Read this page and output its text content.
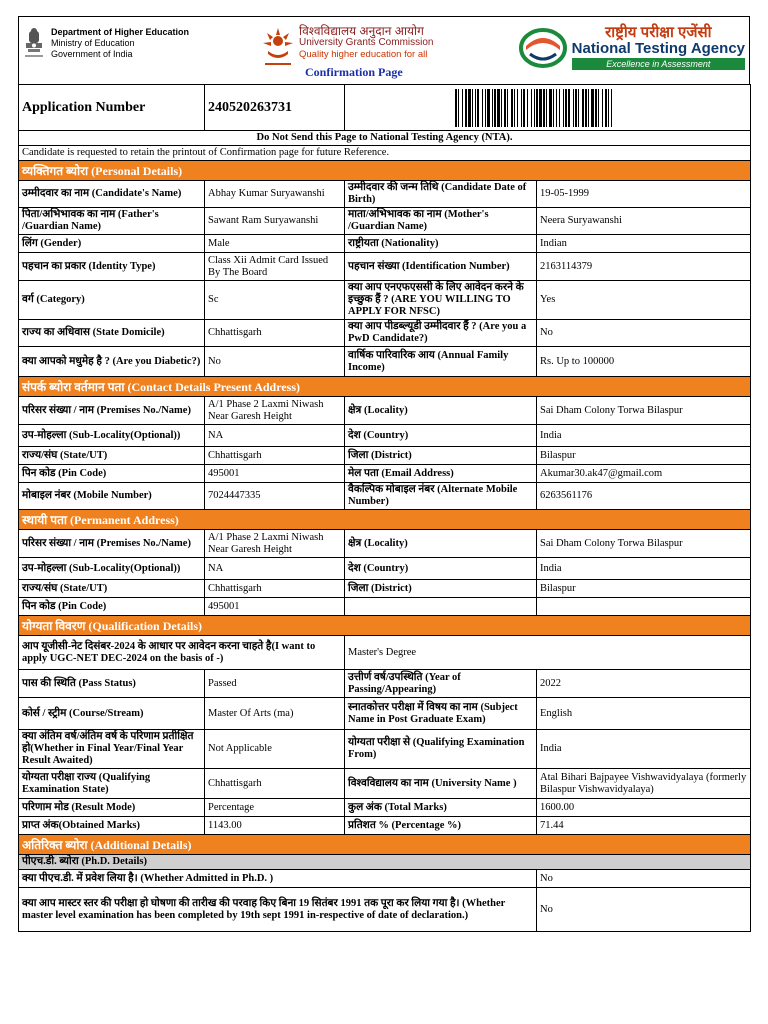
Department of Higher Education
Ministry of Education
Government of India
विश्वविद्यालय अनुदान आयोग
University Grants Commission
Quality higher education for all
Confirmation Page
राष्ट्रीय परीक्षा एजेंसी
National Testing Agency
Excellence in Assessment
Application Number	240520263731		

Do Not Send this Page to National Testing Agency (NTA).			
Candidate is requested to retain the printout of Confirmation page for future Reference.			
व्यक्तिगत ब्योरा (Personal Details)			
उम्मीदवार का नाम (Candidate's Name)	Abhay Kumar Suryawanshi	उम्मीदवार की जन्म तिथि (Candidate Date of Birth)	19-05-1999
पिता/अभिभावक का नाम (Father's /Guardian Name)	Sawant Ram Suryawanshi	माता/अभिभावक का नाम (Mother's /Guardian Name)	Neera Suryawanshi
लिंग (Gender)	Male	राष्ट्रीयता (Nationality)	Indian
पहचान का प्रकार (Identity Type)	Class Xii Admit Card Issued By The Board	पहचान संख्या (Identification Number)	2163114379
वर्ग (Category)	Sc	क्या आप एनएफएससी के लिए आवेदन करने के इच्छुक हैं ? (ARE YOU WILLING TO APPLY FOR NFSC)	Yes
राज्य का अधिवास (State Domicile)	Chhattisgarh	क्या आप पीडब्ल्यूडी उम्मीदवार हैं ? (Are you a PwD Candidate?)	No
क्या आपको मधुमेह है ? (Are you Diabetic?)	No	वार्षिक पारिवारिक आय (Annual Family Income)	Rs. Up to 100000
संपर्क ब्योरा वर्तमान पता (Contact Details Present Address)			
परिसर संख्या / नाम (Premises No./Name)	A/1 Phase 2 Laxmi Niwash Near Garesh Height	क्षेत्र (Locality)	Sai Dham Colony Torwa Bilaspur
उप-मोहल्ला (Sub-Locality(Optional))	NA	देश (Country)	India
राज्य/संघ (State/UT)	Chhattisgarh	जिला (District)	Bilaspur
पिन कोड (Pin Code)	495001	मेल पता (Email Address)	Akumar30.ak47@gmail.com
मोबाइल नंबर (Mobile Number)	7024447335	वैकल्पिक मोबाइल नंबर (Alternate Mobile Number)	6263561176
स्थायी पता (Permanent Address)			
परिसर संख्या / नाम (Premises No./Name)	A/1 Phase 2 Laxmi Niwash Near Garesh Height	क्षेत्र (Locality)	Sai Dham Colony Torwa Bilaspur
उप-मोहल्ला (Sub-Locality(Optional))	NA	देश (Country)	India
राज्य/संघ (State/UT)	Chhattisgarh	जिला (District)	Bilaspur
पिन कोड (Pin Code)	495001		
योग्यता विवरण (Qualification Details)			
आप यूजीसी-नेट दिसंबर-2024 के आधार पर आवेदन करना चाहते है(I want to apply UGC-NET DEC-2024 on the basis of -)		Master's Degree	
पास की स्थिति (Pass Status)	Passed	उत्तीर्ण वर्ष/उपस्थिति (Year of Passing/Appearing)	2022
कोर्स / स्ट्रीम (Course/Stream)	Master Of Arts (ma)	स्नातकोत्तर परीक्षा में विषय का नाम (Subject Name in Post Graduate Exam)	English
क्या अंतिम वर्ष/अंतिम वर्ष के परिणाम प्रतीक्षित हो(Whether in Final Year/Final Year Result Awaited)	Not Applicable	योग्यता परीक्षा से (Qualifying Examination From)	India
योग्यता परीक्षा राज्य (Qualifying Examination State)	Chhattisgarh	विश्वविद्यालय का नाम (University Name )	Atal Bihari Bajpayee Vishwavidyalaya (formerly Bilaspur Vishwavidyalaya)
परिणाम मोड (Result Mode)	Percentage	कुल अंक (Total Marks)	1600.00
प्राप्त अंक(Obtained Marks)	1143.00	प्रतिशत % (Percentage %)	71.44
अतिरिक्त ब्योरा (Additional Details)			
पीएच.डी. ब्योरा (Ph.D. Details)			
क्या पीएच.डी. में प्रवेश लिया है। (Whether Admitted in Ph.D. )			No
क्या आप मास्टर स्तर की परीक्षा हो घोषणा की तारीख की परवाह किए बिना 19 सितंबर 1991 तक पूरा कर लिया गया है। (Whether master level examination has been completed by 19th sept 1991 in-respective of date of declaration.)			No
